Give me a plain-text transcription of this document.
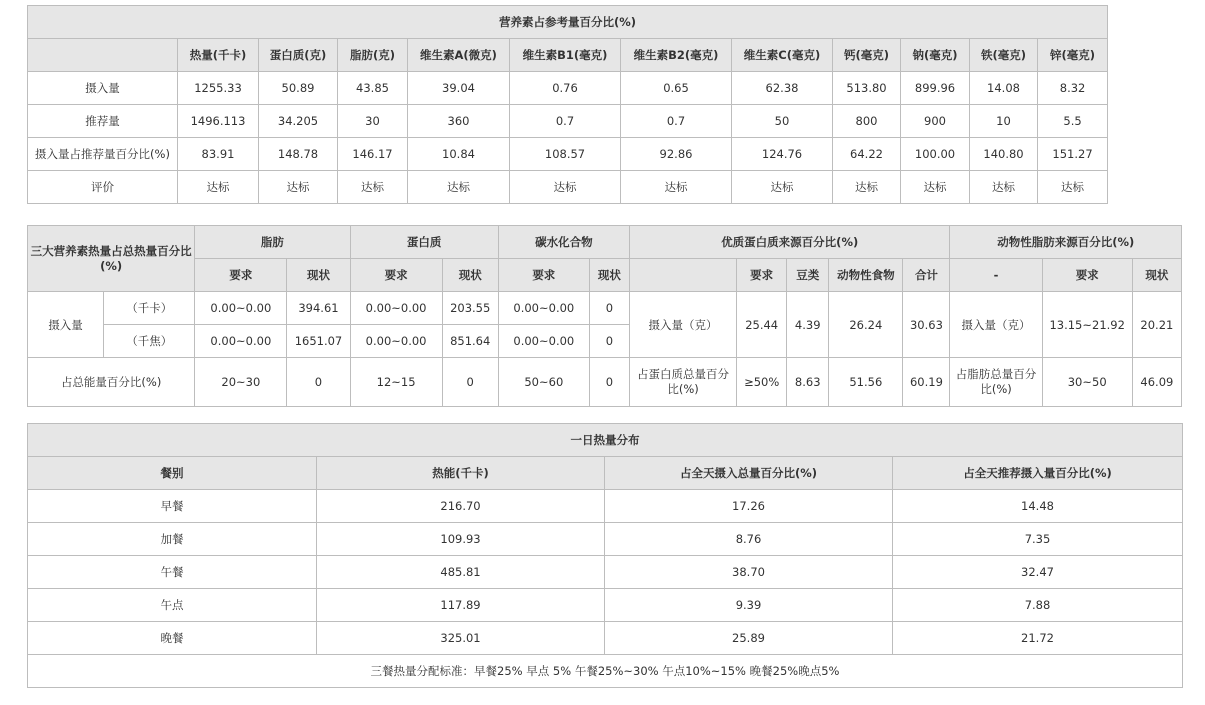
营养素占参考量百分比(%)											
	热量(千卡)	蛋白质(克)	脂肪(克)	维生素A(微克)	维生素B1(毫克)	维生素B2(毫克)	维生素C(毫克)	钙(毫克)	钠(毫克)	铁(毫克)	锌(毫克)
摄入量	1255.33	50.89	43.85	39.04	0.76	0.65	62.38	513.80	899.96	14.08	8.32
推荐量	1496.113	34.205	30	360	0.7	0.7	50	800	900	10	5.5
摄入量占推荐量百分比(%)	83.91	148.78	146.17	10.84	108.57	92.86	124.76	64.22	100.00	140.80	151.27
评价	达标	达标	达标	达标	达标	达标	达标	达标	达标	达标	达标
三大营养素热量占总热量百分比(%)		脂肪		蛋白质		碳水化合物		优质蛋白质来源百分比(%)					动物性脂肪来源百分比(%)		
		要求	现状	要求	现状	要求	现状		要求	豆类	动物性食物	合计	-	要求	现状
摄入量	（千卡）	0.00~0.00	394.61	0.00~0.00	203.55	0.00~0.00	0	摄入量（克）	25.44	4.39	26.24	30.63	摄入量（克）	13.15~21.92	20.21
	（千焦）	0.00~0.00	1651.07	0.00~0.00	851.64	0.00~0.00	0								
占总能量百分比(%)		20~30	0	12~15	0	50~60	0	占蛋白质总量百分比(%)	≥50%	8.63	51.56	60.19	占脂肪总量百分比(%)	30~50	46.09
一日热量分布			
餐别	热能(千卡)	占全天摄入总量百分比(%)	占全天推荐摄入量百分比(%)
早餐	216.70	17.26	14.48
加餐	109.93	8.76	7.35
午餐	485.81	38.70	32.47
午点	117.89	9.39	7.88
晚餐	325.01	25.89	21.72
三餐热量分配标准：早餐25% 早点 5% 午餐25%~30% 午点10%~15% 晚餐25%晚点5%			
